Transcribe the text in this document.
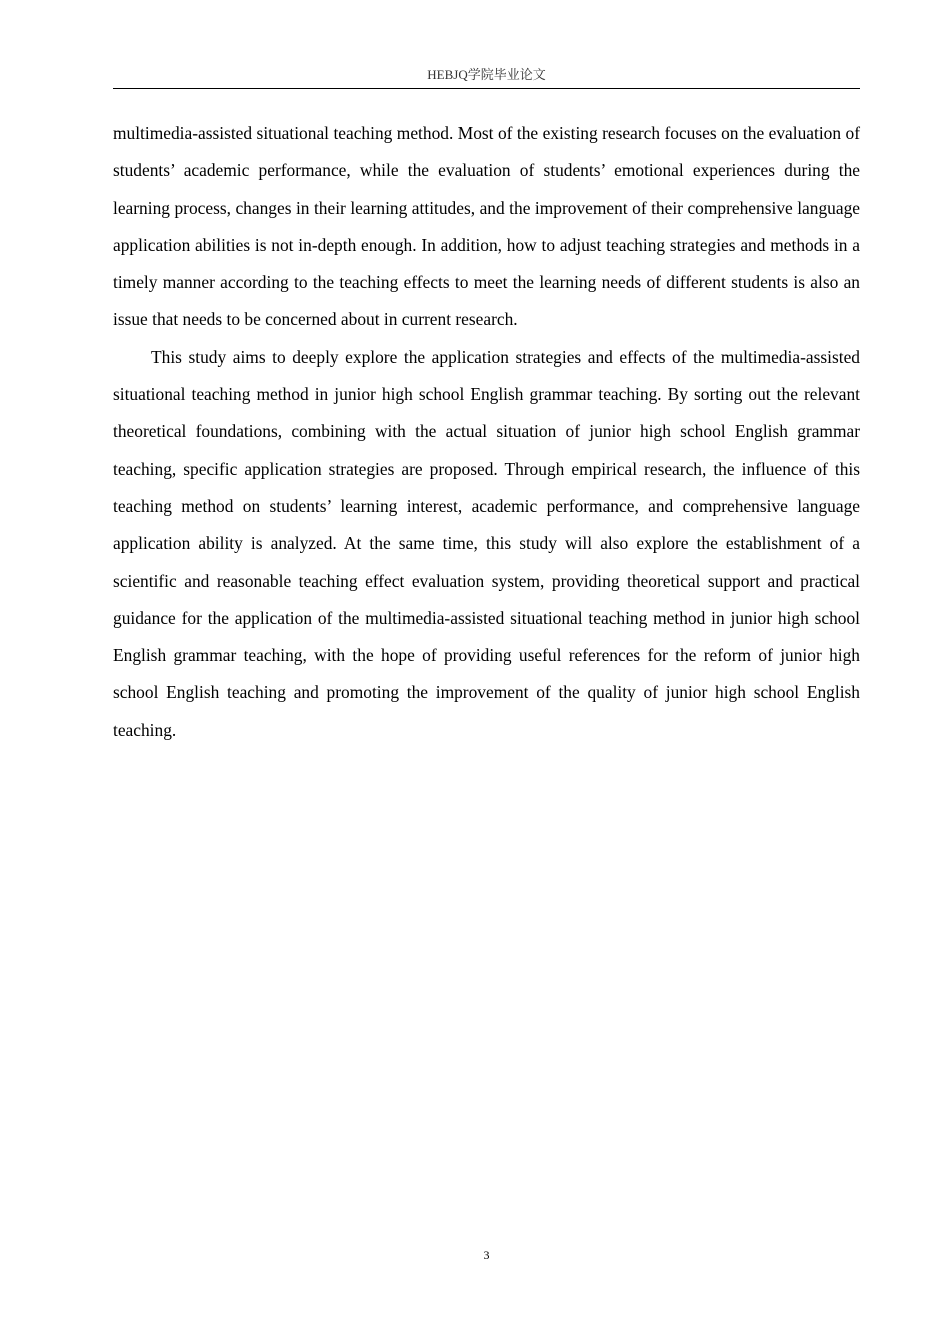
HEBJQ学院毕业论文

multimedia-assisted situational teaching method. Most of the existing research focuses on the evaluation of students’ academic performance, while the evaluation of students’ emotional experiences during the learning process, changes in their learning attitudes, and the improvement of their comprehensive language application abilities is not in-depth enough. In addition, how to adjust teaching strategies and methods in a timely manner according to the teaching effects to meet the learning needs of different students is also an issue that needs to be concerned about in current research.

This study aims to deeply explore the application strategies and effects of the multimedia-assisted situational teaching method in junior high school English grammar teaching. By sorting out the relevant theoretical foundations, combining with the actual situation of junior high school English grammar teaching, specific application strategies are proposed. Through empirical research, the influence of this teaching method on students’ learning interest, academic performance, and comprehensive language application ability is analyzed. At the same time, this study will also explore the establishment of a scientific and reasonable teaching effect evaluation system, providing theoretical support and practical guidance for the application of the multimedia-assisted situational teaching method in junior high school English grammar teaching, with the hope of providing useful references for the reform of junior high school English teaching and promoting the improvement of the quality of junior high school English teaching.

3
